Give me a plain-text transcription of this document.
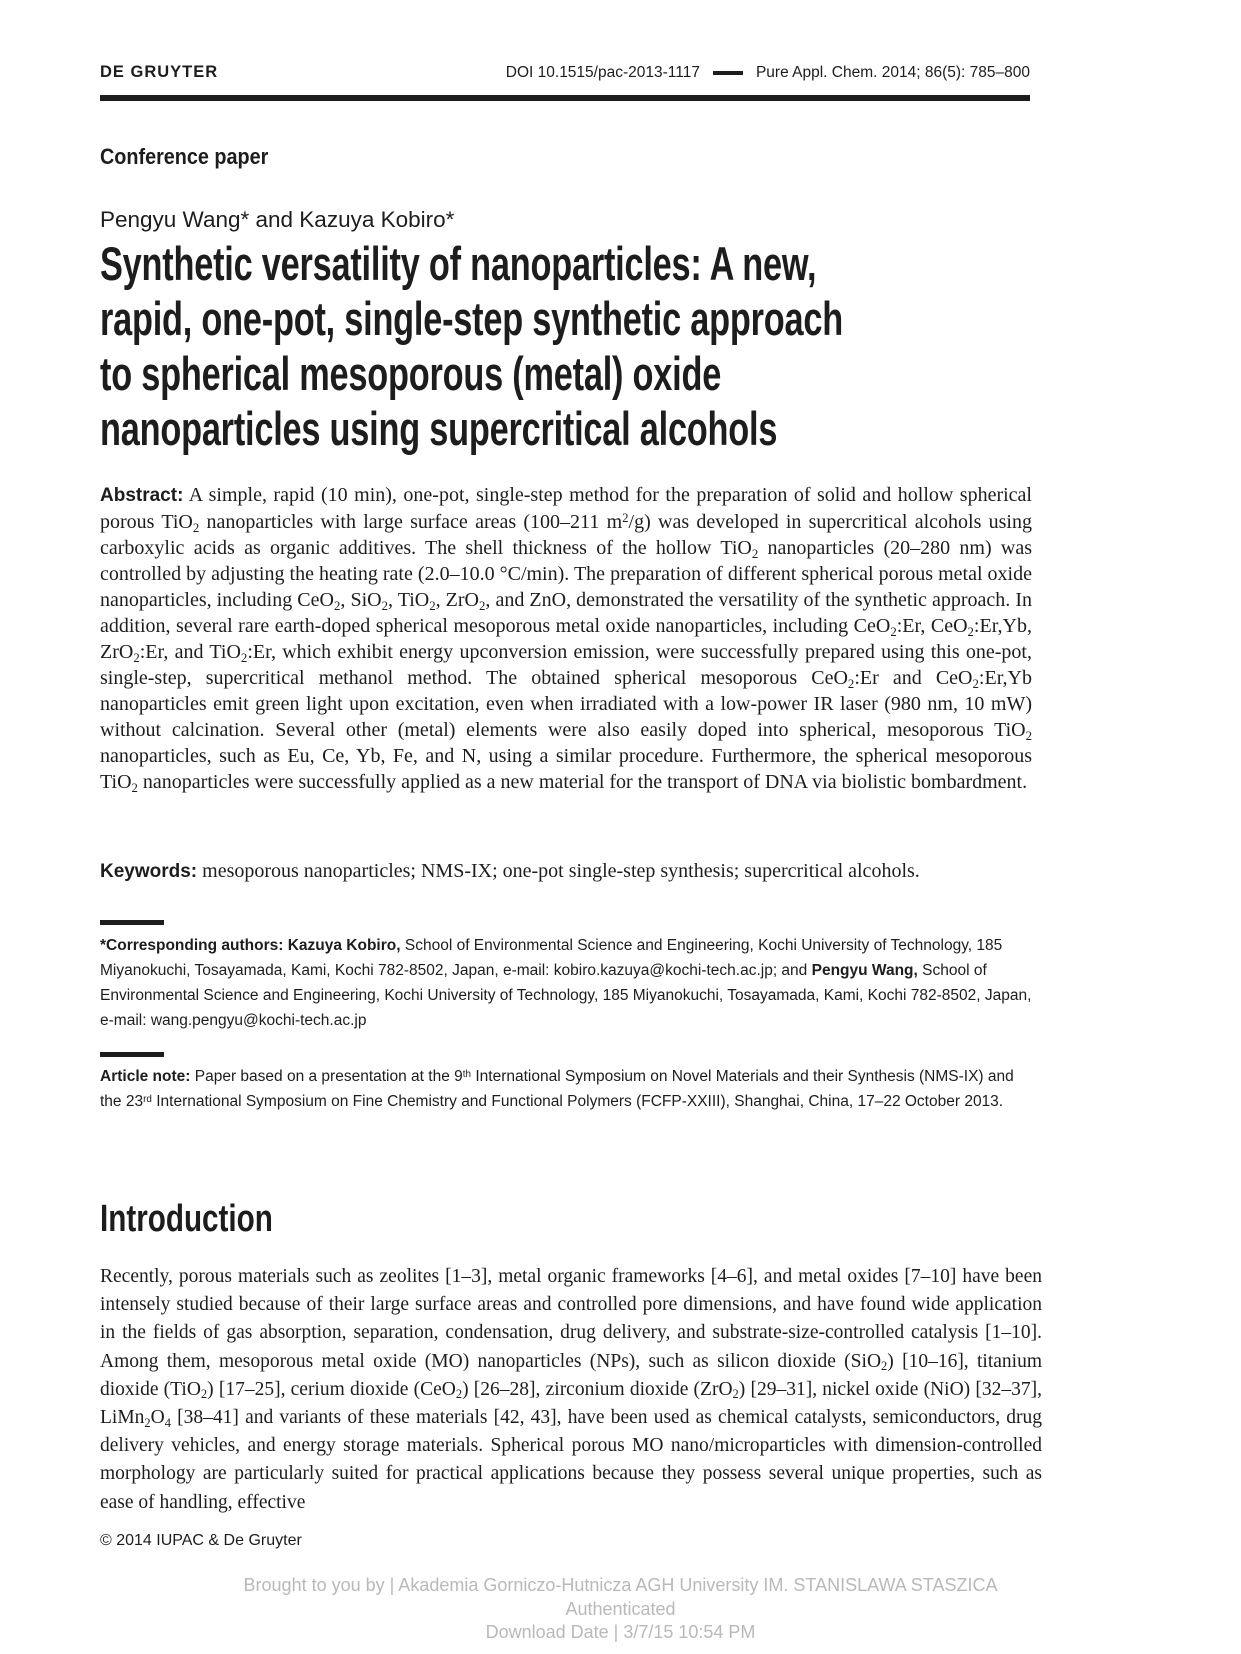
DE GRUYTER	DOI 10.1515/pac-2013-1117	Pure Appl. Chem. 2014; 86(5): 785–800
Conference paper
Pengyu Wang* and Kazuya Kobiro*
Synthetic versatility of nanoparticles: A new,
rapid, one-pot, single-step synthetic approach
to spherical mesoporous (metal) oxide
nanoparticles using supercritical alcohols

Abstract: A simple, rapid (10 min), one-pot, single-step method for the preparation of solid and hollow spherical porous TiO$_2$ nanoparticles with large surface areas (100–211 $m^2/g$) was developed in supercritical alcohols using carboxylic acids as organic additives. The shell thickness of the hollow TiO$_2$ nanoparticles (20–280 nm) was controlled by adjusting the heating rate (2.0–10.0 °C/min). The preparation of different spherical porous metal oxide nanoparticles, including CeO$_2$, SiO$_2$, TiO$_2$, ZrO$_2$, and ZnO, demonstrated the versatility of the synthetic approach. In addition, several rare earth-doped spherical mesoporous metal oxide nanoparticles, including CeO$_2$:Er, CeO$_2$:Er,Yb, ZrO$_2$:Er, and TiO$_2$:Er, which exhibit energy upconversion emission, were successfully prepared using this one-pot, single-step, supercritical methanol method. The obtained spherical mesoporous CeO$_2$:Er and CeO$_2$:Er,Yb nanoparticles emit green light upon excitation, even when irradiated with a low-power IR laser (980 nm, 10 mW) without calcination. Several other (metal) elements were also easily doped into spherical, mesoporous TiO$_2$ nanoparticles, such as Eu, Ce, Yb, Fe, and N, using a similar procedure. Furthermore, the spherical mesoporous TiO$_2$ nanoparticles were successfully applied as a new material for the transport of DNA via biolistic bombardment.

Keywords: mesoporous nanoparticles; NMS-IX; one-pot single-step synthesis; supercritical alcohols.

*Corresponding authors: Kazuya Kobiro, School of Environmental Science and Engineering, Kochi University of Technology, 185 Miyanokuchi, Tosayamada, Kami, Kochi 782-8502, Japan, e-mail: kobiro.kazuya@kochi-tech.ac.jp; and Pengyu Wang, School of Environmental Science and Engineering, Kochi University of Technology, 185 Miyanokuchi, Tosayamada, Kami, Kochi 782-8502, Japan, e-mail: wang.pengyu@kochi-tech.ac.jp

Article note: Paper based on a presentation at the 9th International Symposium on Novel Materials and their Synthesis (NMS-IX) and the 23rd International Symposium on Fine Chemistry and Functional Polymers (FCFP-XXIII), Shanghai, China, 17–22 October 2013.

Introduction

Recently, porous materials such as zeolites [1–3], metal organic frameworks [4–6], and metal oxides [7–10] have been intensely studied because of their large surface areas and controlled pore dimensions, and have found wide application in the fields of gas absorption, separation, condensation, drug delivery, and substrate-size-controlled catalysis [1–10]. Among them, mesoporous metal oxide (MO) nanoparticles (NPs), such as silicon dioxide (SiO$_2$) [10–16], titanium dioxide (TiO$_2$) [17–25], cerium dioxide (CeO$_2$) [26–28], zirconium dioxide (ZrO$_2$) [29–31], nickel oxide (NiO) [32–37], $LiMn_2O_4$ [38–41] and variants of these materials [42, 43], have been used as chemical catalysts, semiconductors, drug delivery vehicles, and energy storage materials. Spherical porous MO nano/microparticles with dimension-controlled morphology are particularly suited for practical applications because they possess several unique properties, such as ease of handling, effective

© 2014 IUPAC & De Gruyter
Brought to you by | Akademia Gorniczo-Hutnicza AGH University IM. STANISLAWA STASZICA
Authenticated
Download Date | 3/7/15 10:54 PM
